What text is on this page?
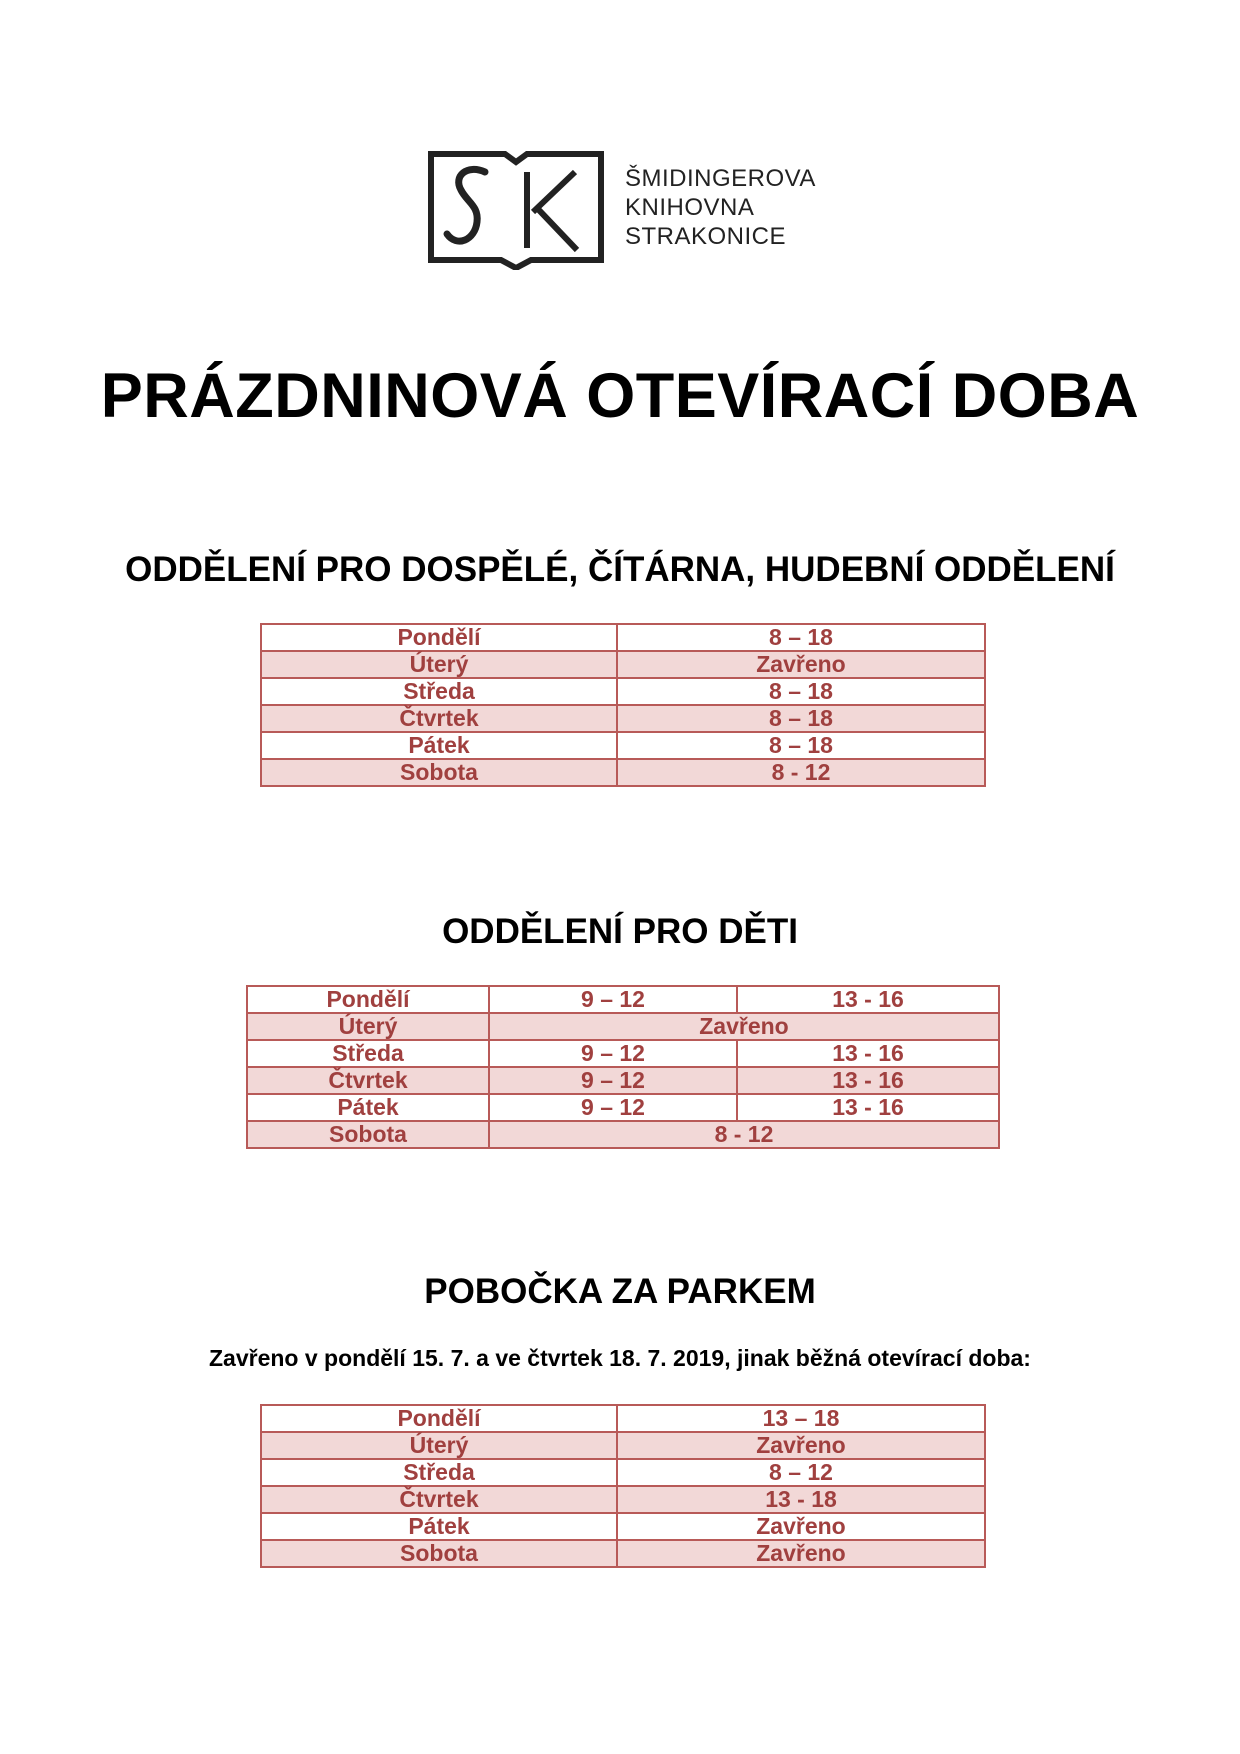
ŠMIDINGEROVA
KNIHOVNA
STRAKONICE
PRÁZDNINOVÁ OTEVÍRACÍ DOBA
ODDĚLENÍ PRO DOSPĚLÉ, ČÍTÁRNA, HUDEBNÍ ODDĚLENÍ
Pondělí	8 – 18
Úterý	Zavřeno
Středa	8 – 18
Čtvrtek	8 – 18
Pátek	8 – 18
Sobota	8 - 12
ODDĚLENÍ PRO DĚTI
Pondělí	9 – 12	13 - 16
Úterý	Zavřeno	
Středa	9 – 12	13 - 16
Čtvrtek	9 – 12	13 - 16
Pátek	9 – 12	13 - 16
Sobota	8 - 12	
POBOČKA ZA PARKEM
Zavřeno v pondělí 15. 7. a ve čtvrtek 18. 7. 2019, jinak běžná otevírací doba:
Pondělí	13 – 18
Úterý	Zavřeno
Středa	8 – 12
Čtvrtek	13 - 18
Pátek	Zavřeno
Sobota	Zavřeno
